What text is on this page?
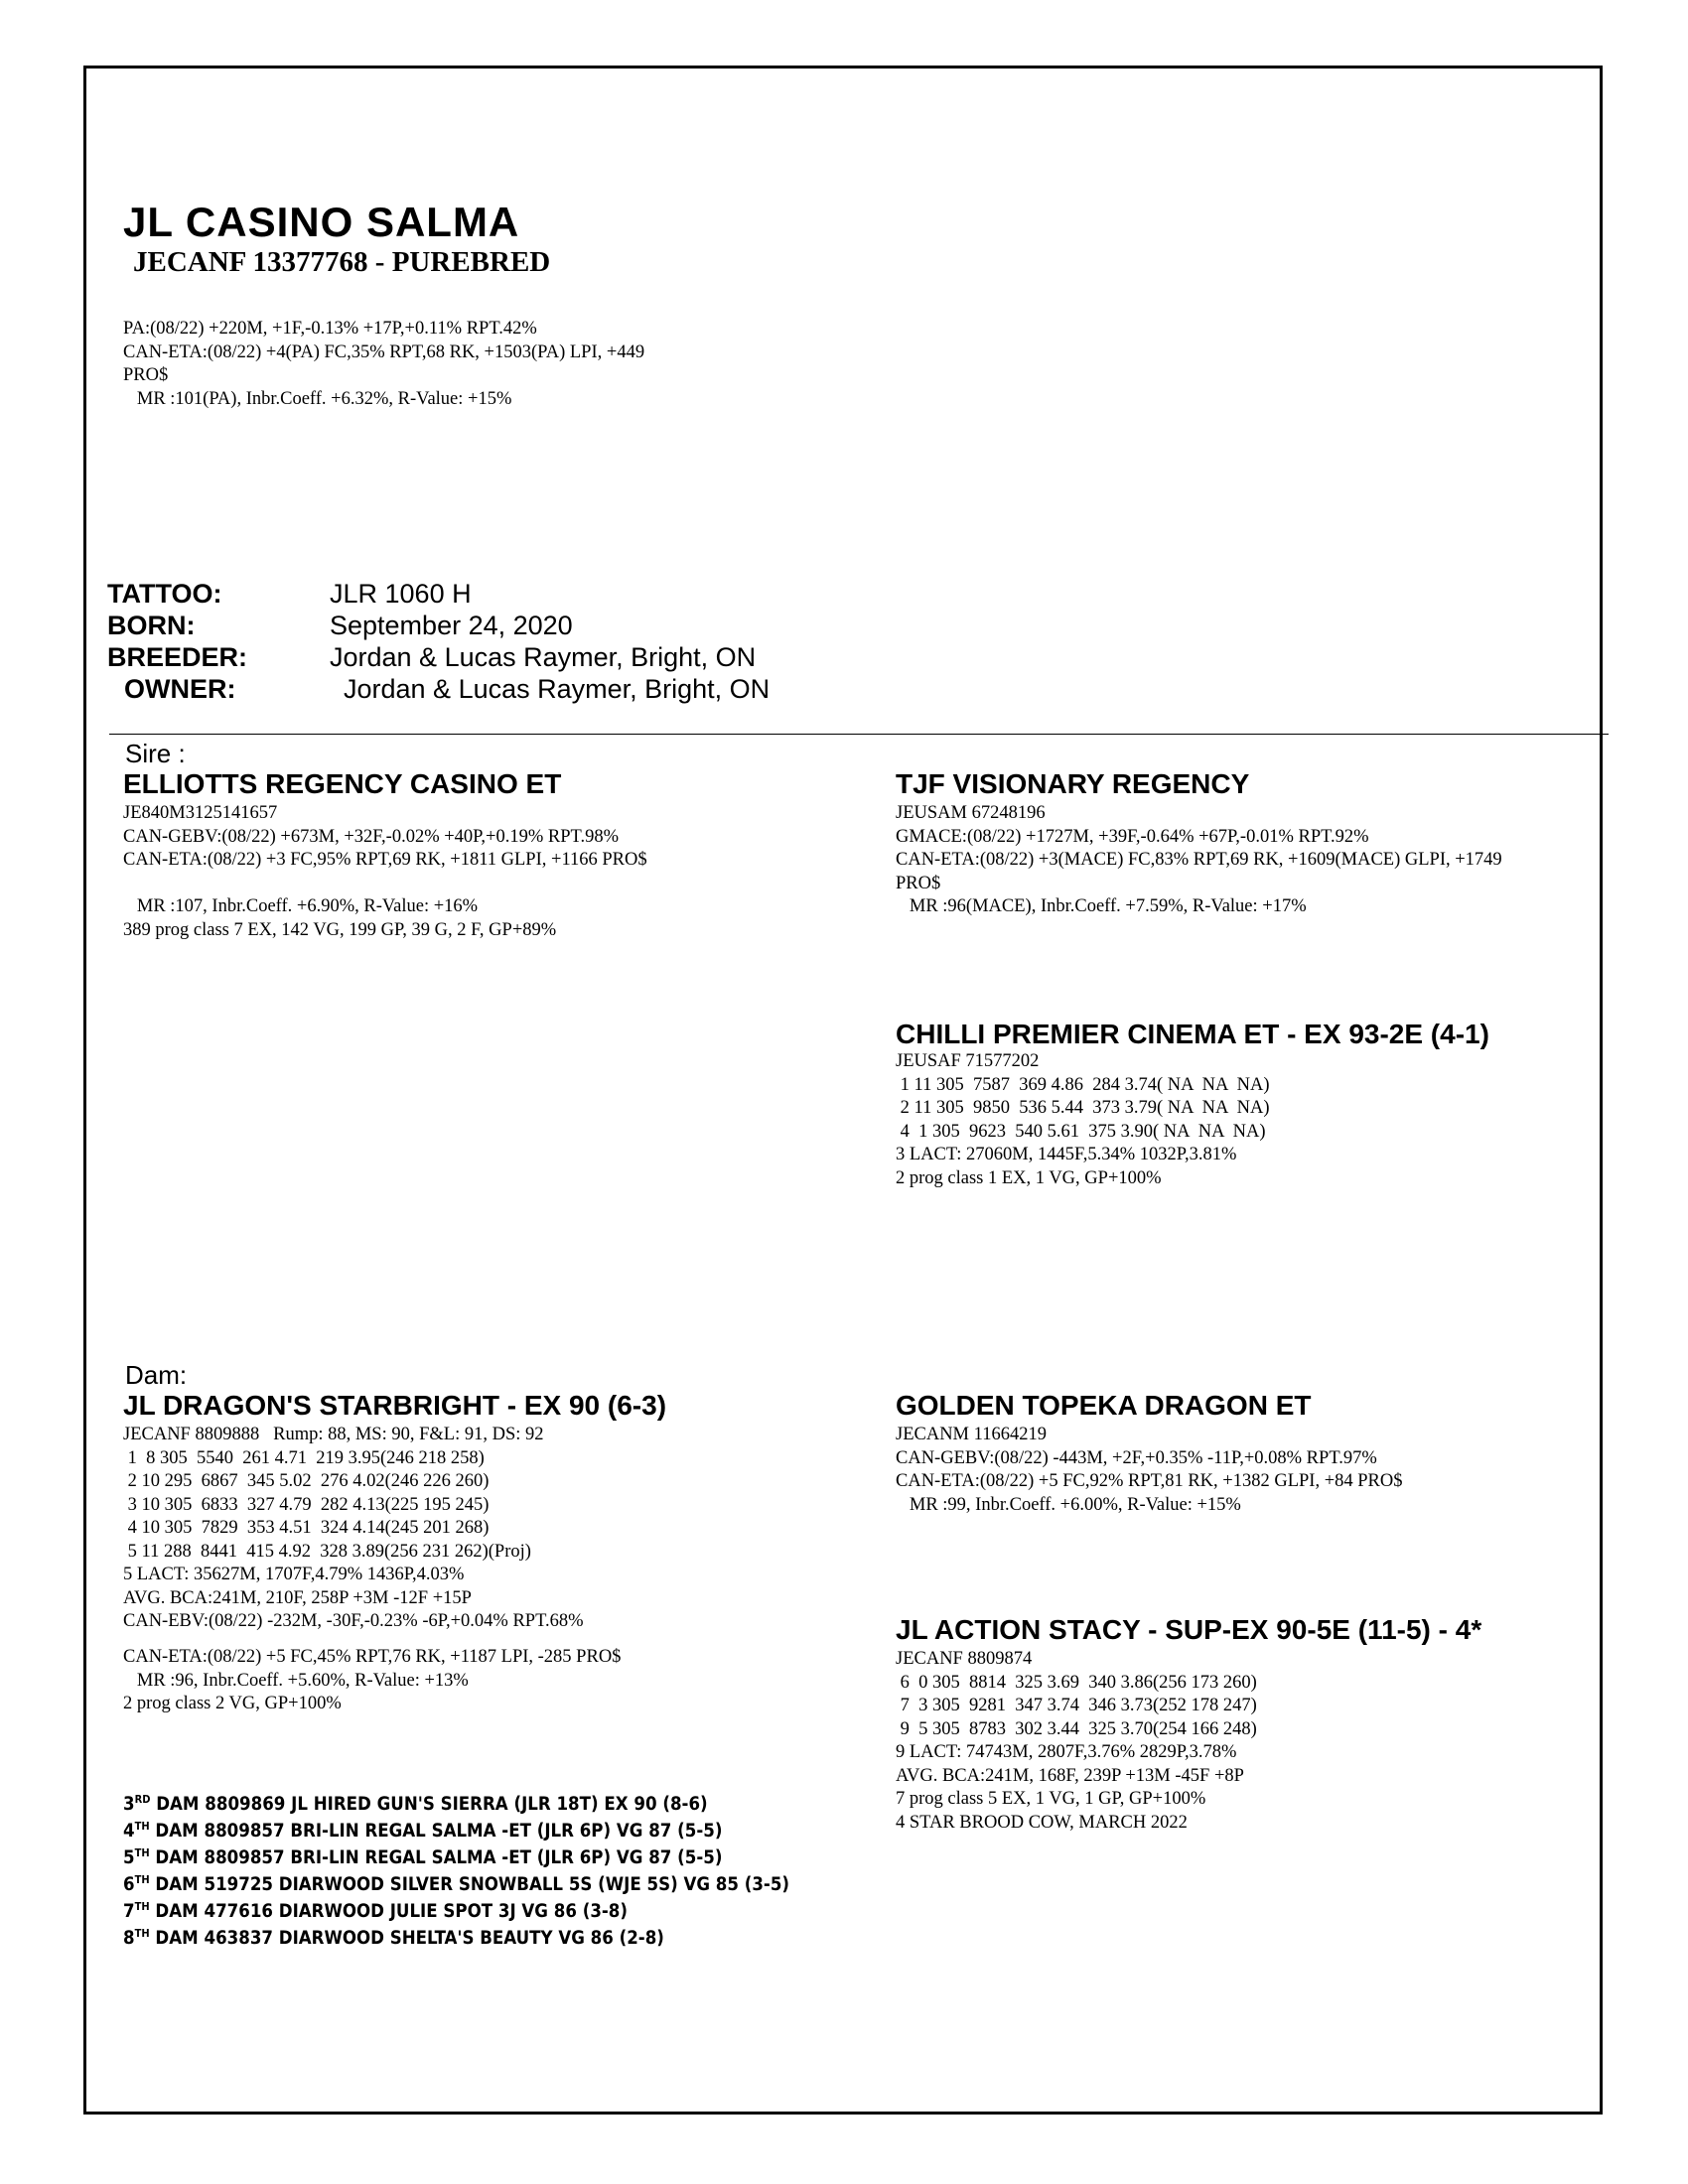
JL CASINO SALMA
JECANF 13377768 - PUREBRED
PA:(08/22) +220M, +1F,-0.13% +17P,+0.11% RPT.42%
CAN-ETA:(08/22) +4(PA) FC,35% RPT,68 RK, +1503(PA) LPI, +449
PRO$
MR :101(PA), Inbr.Coeff. +6.32%, R-Value: +15%
TATTOO:	JLR 1060 H
BORN:	September 24, 2020
BREEDER:	Jordan & Lucas Raymer, Bright, ON
OWNER:	Jordan & Lucas Raymer, Bright, ON
Sire :
ELLIOTTS REGENCY CASINO ET
JE840M3125141657
CAN-GEBV:(08/22) +673M, +32F,-0.02% +40P,+0.19% RPT.98%
CAN-ETA:(08/22) +3 FC,95% RPT,69 RK, +1811 GLPI, +1166 PRO$
MR :107, Inbr.Coeff. +6.90%, R-Value: +16%
389 prog class 7 EX, 142 VG, 199 GP, 39 G, 2 F, GP+89%
TJF VISIONARY REGENCY
JEUSAM 67248196
GMACE:(08/22) +1727M, +39F,-0.64% +67P,-0.01% RPT.92%
CAN-ETA:(08/22) +3(MACE) FC,83% RPT,69 RK, +1609(MACE) GLPI, +1749
PRO$
MR :96(MACE), Inbr.Coeff. +7.59%, R-Value: +17%
CHILLI PREMIER CINEMA ET - EX 93-2E (4-1)
JEUSAF 71577202
1 11 305  7587  369 4.86  284 3.74( NA  NA  NA)
2 11 305  9850  536 5.44  373 3.79( NA  NA  NA)
4  1 305  9623  540 5.61  375 3.90( NA  NA  NA)
3 LACT: 27060M, 1445F,5.34% 1032P,3.81%
2 prog class 1 EX, 1 VG, GP+100%
Dam:
JL DRAGON'S STARBRIGHT - EX 90 (6-3)
JECANF 8809888   Rump: 88, MS: 90, F&L: 91, DS: 92
1  8 305  5540  261 4.71  219 3.95(246 218 258)
2 10 295  6867  345 5.02  276 4.02(246 226 260)
3 10 305  6833  327 4.79  282 4.13(225 195 245)
4 10 305  7829  353 4.51  324 4.14(245 201 268)
5 11 288  8441  415 4.92  328 3.89(256 231 262)(Proj)
5 LACT: 35627M, 1707F,4.79% 1436P,4.03%
AVG. BCA:241M, 210F, 258P +3M -12F +15P
CAN-EBV:(08/22) -232M, -30F,-0.23% -6P,+0.04% RPT.68%
CAN-ETA:(08/22) +5 FC,45% RPT,76 RK, +1187 LPI, -285 PRO$
MR :96, Inbr.Coeff. +5.60%, R-Value: +13%
2 prog class 2 VG, GP+100%
GOLDEN TOPEKA DRAGON ET
JECANM 11664219
CAN-GEBV:(08/22) -443M, +2F,+0.35% -11P,+0.08% RPT.97%
CAN-ETA:(08/22) +5 FC,92% RPT,81 RK, +1382 GLPI, +84 PRO$
MR :99, Inbr.Coeff. +6.00%, R-Value: +15%
JL ACTION STACY - SUP-EX 90-5E (11-5) - 4*
JECANF 8809874
6  0 305  8814  325 3.69  340 3.86(256 173 260)
7  3 305  9281  347 3.74  346 3.73(252 178 247)
9  5 305  8783  302 3.44  325 3.70(254 166 248)
9 LACT: 74743M, 2807F,3.76% 2829P,3.78%
AVG. BCA:241M, 168F, 239P +13M -45F +8P
7 prog class 5 EX, 1 VG, 1 GP, GP+100%
4 STAR BROOD COW, MARCH 2022
3RD DAM 8809869 JL HIRED GUN'S SIERRA (JLR 18T) EX 90 (8-6)
4TH DAM 8809857 BRI-LIN REGAL SALMA -ET (JLR 6P) VG 87 (5-5)
5TH DAM 8809857 BRI-LIN REGAL SALMA -ET (JLR 6P) VG 87 (5-5)
6TH DAM 519725 DIARWOOD SILVER SNOWBALL 5S (WJE 5S) VG 85 (3-5)
7TH DAM 477616 DIARWOOD JULIE SPOT 3J VG 86 (3-8)
8TH DAM 463837 DIARWOOD SHELTA'S BEAUTY VG 86 (2-8)
